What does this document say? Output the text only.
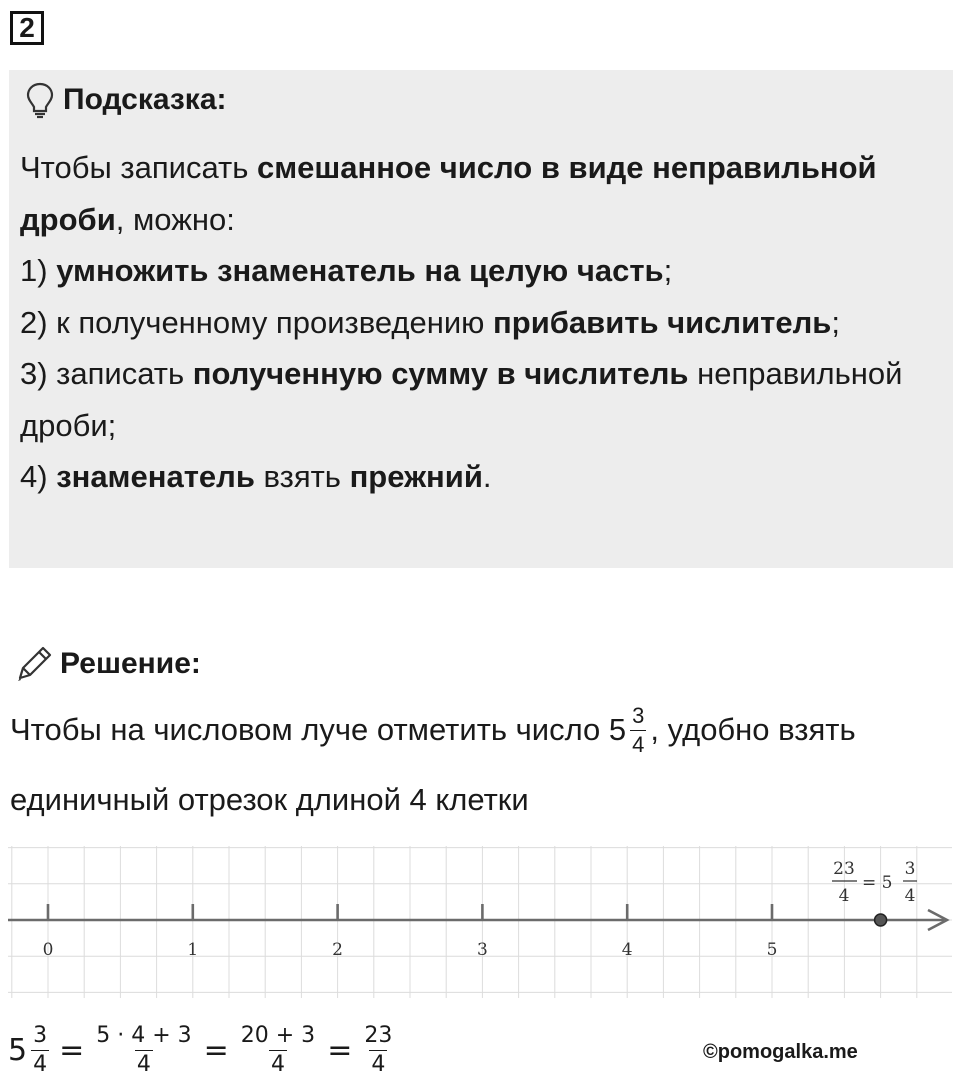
2
Подсказка:

Чтобы записать смешанное число в виде неправильной дроби, можно:

1) умножить знаменатель на целую часть;

2) к полученному произведению прибавить числитель;

3) записать полученную сумму в числитель неправильной дроби;

4) знаменатель взять прежний.

Решение:
Чтобы на числовом луче отметить число $5 \frac{3}{4}$ , удобно взять
единичный отрезок длиной 4 клетки
0	1	2	3	4	5
23
4
= 5
3
4
$5 \frac{3}{4} = \frac{5 \cdot 4 + 3}{4} = \frac{20 + 3}{4} = \frac{23}{4}$	©pomogalka.me
